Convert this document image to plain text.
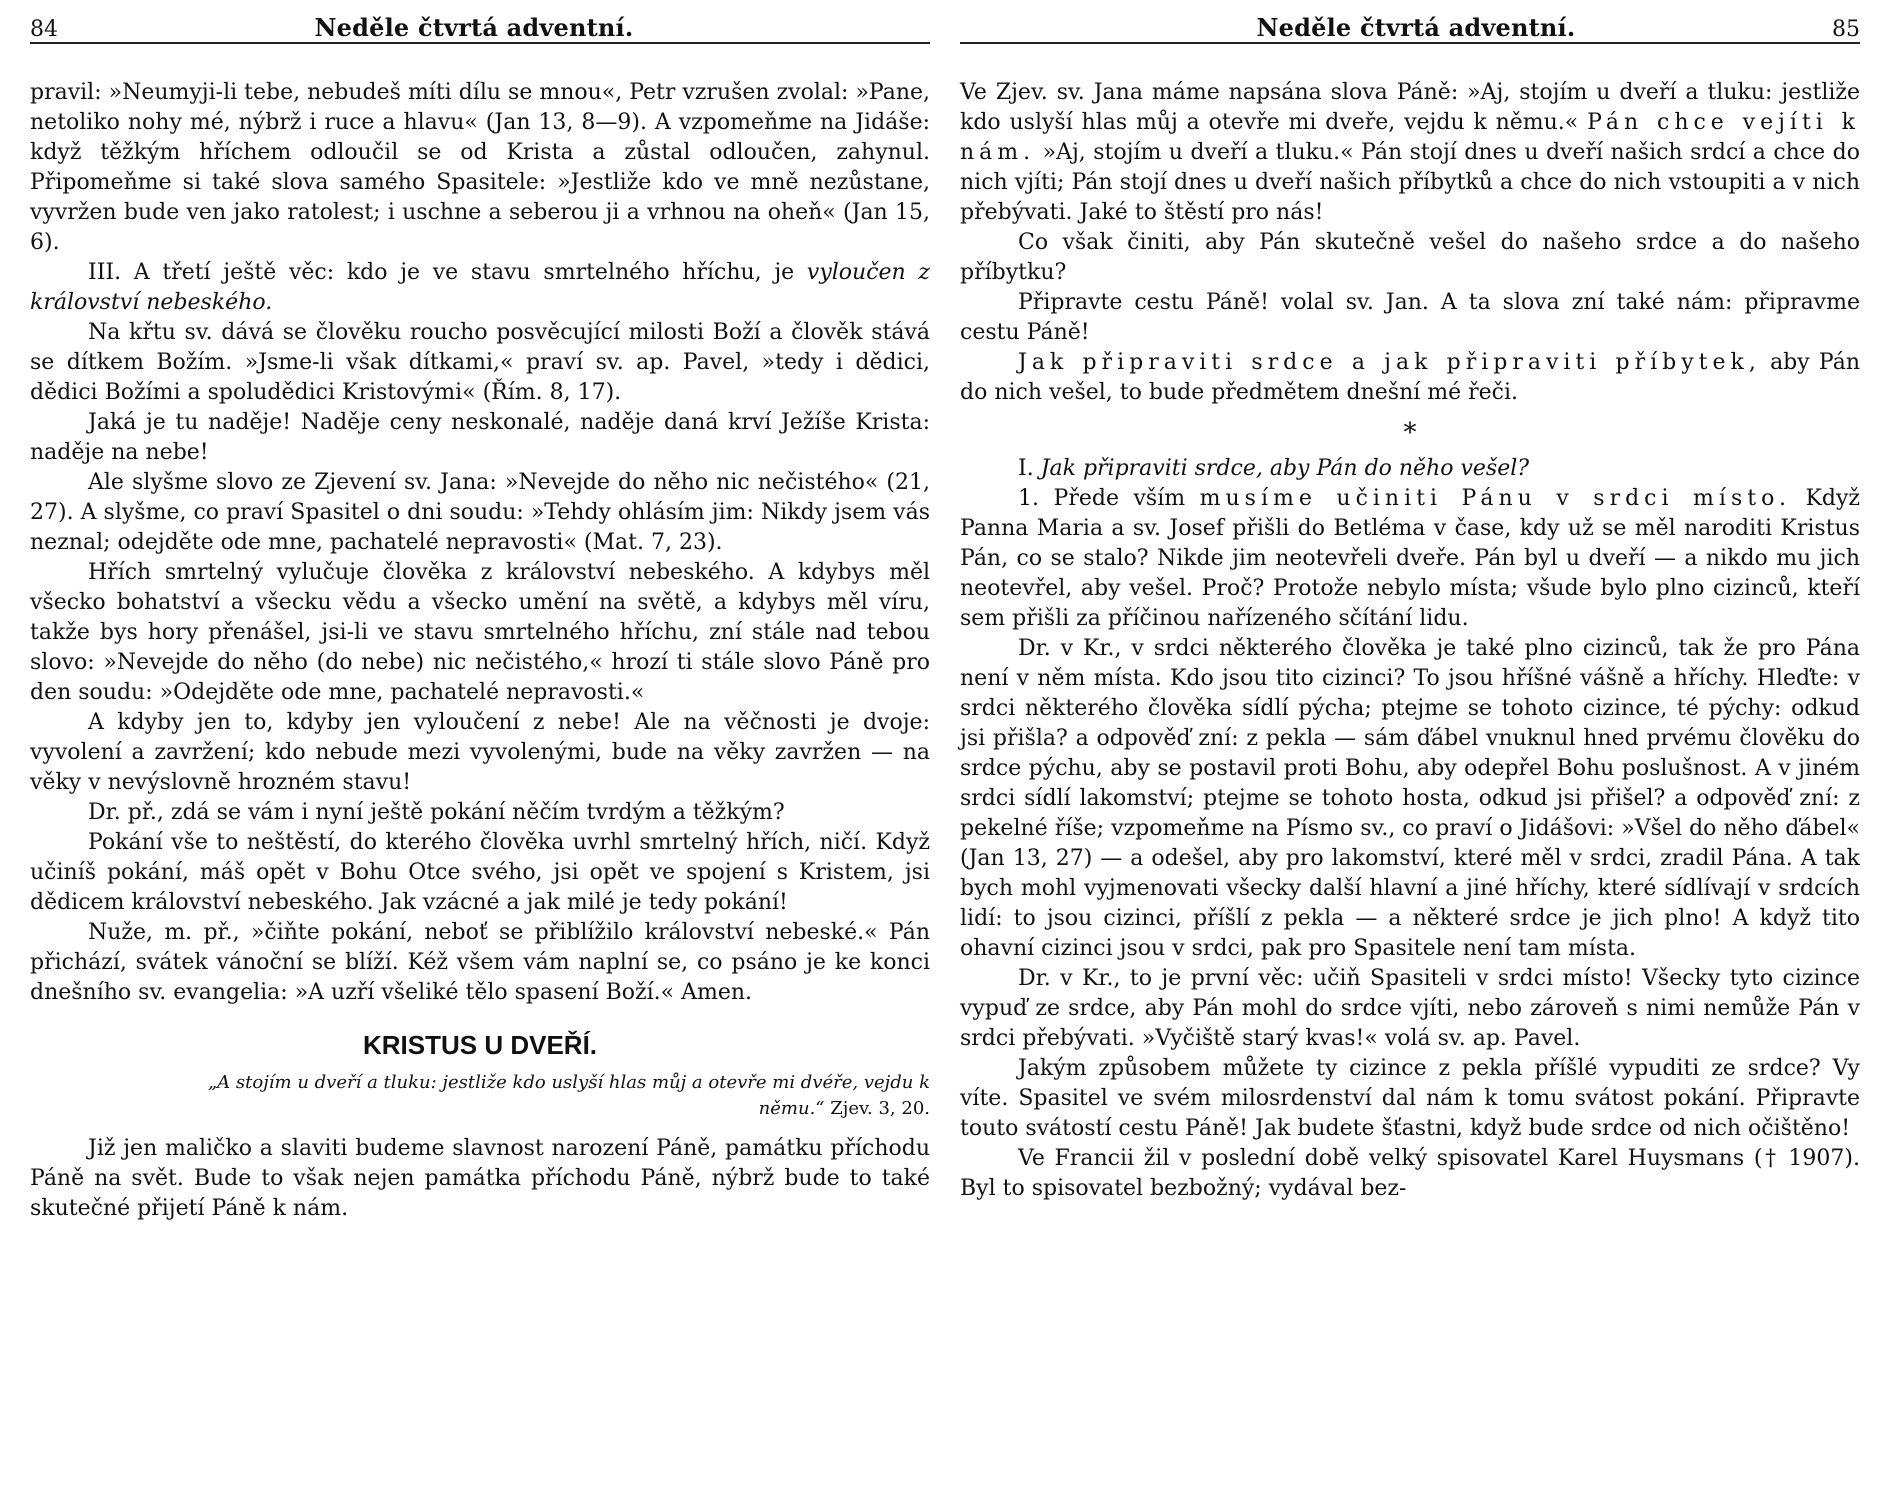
84	Neděle čtvrtá adventní.

pravil: »Neumyji-li tebe, nebudeš míti dílu se mnou«, Petr vzrušen zvolal: »Pane, netoliko nohy mé, nýbrž i ruce a hlavu« (Jan 13, 8—9). A vzpomeňme na Jidáše: když těžkým hříchem odloučil se od Krista a zůstal odloučen, zahynul. Připomeňme si také slova samého Spasitele: »Jestliže kdo ve mně nezůstane, vyvržen bude ven jako ratolest; i uschne a seberou ji a vrhnou na oheň« (Jan 15, 6).

III. A třetí ještě věc: kdo je ve stavu smrtelného hříchu, je vyloučen z království nebeského.

Na křtu sv. dává se člověku roucho posvěcující milosti Boží a člověk stává se dítkem Božím. »Jsme-li však dítkami,« praví sv. ap. Pavel, »tedy i dědici, dědici Božími a spoludědici Kristovými« (Řím. 8, 17).

Jaká je tu naděje! Naděje ceny neskonalé, naděje daná krví Ježíše Krista: naděje na nebe!

Ale slyšme slovo ze Zjevení sv. Jana: »Nevejde do něho nic nečistého« (21, 27). A slyšme, co praví Spasitel o dni soudu: »Tehdy ohlásím jim: Nikdy jsem vás neznal; odejděte ode mne, pachatelé nepravosti« (Mat. 7, 23).

Hřích smrtelný vylučuje člověka z království nebeského. A kdybys měl všecko bohatství a všecku vědu a všecko umění na světě, a kdybys měl víru, takže bys hory přenášel, jsi-li ve stavu smrtelného hříchu, zní stále nad tebou slovo: »Nevejde do něho (do nebe) nic nečistého,« hrozí ti stále slovo Páně pro den soudu: »Odejděte ode mne, pachatelé nepravosti.«

A kdyby jen to, kdyby jen vyloučení z nebe! Ale na věčnosti je dvoje: vyvolení a zavržení; kdo nebude mezi vyvolenými, bude na věky zavržen — na věky v nevýslovně hrozném stavu!

Dr. př., zdá se vám i nyní ještě pokání něčím tvrdým a těžkým?

Pokání vše to neštěstí, do kterého člověka uvrhl smrtelný hřích, ničí. Když učiníš pokání, máš opět v Bohu Otce svého, jsi opět ve spojení s Kristem, jsi dědicem království nebeského. Jak vzácné a jak milé je tedy pokání!

Nuže, m. př., »čiňte pokání, neboť se přiblížilo království nebeské.« Pán přichází, svátek vánoční se blíží. Kéž všem vám naplní se, co psáno je ke konci dnešního sv. evangelia: »A uzří všeliké tělo spasení Boží.« Amen.

KRISTUS U DVEŘÍ.
„A stojím u dveří a tluku: jestliže kdo uslyší hlas můj a otevře mi dvéře, vejdu k němu.“ Zjev. 3, 20.

Již jen maličko a slaviti budeme slavnost narození Páně, památku příchodu Páně na svět. Bude to však nejen památka příchodu Páně, nýbrž bude to také skutečné přijetí Páně k nám.

Neděle čtvrtá adventní.	85

Ve Zjev. sv. Jana máme napsána slova Páně: »Aj, stojím u dveří a tluku: jestliže kdo uslyší hlas můj a otevře mi dveře, vejdu k němu.« Pán chce vejíti k nám. »Aj, stojím u dveří a tluku.« Pán stojí dnes u dveří našich srdcí a chce do nich vjíti; Pán stojí dnes u dveří našich příbytků a chce do nich vstoupiti a v nich přebývati. Jaké to štěstí pro nás!

Co však činiti, aby Pán skutečně vešel do našeho srdce a do našeho příbytku?

Připravte cestu Páně! volal sv. Jan. A ta slova zní také nám: připravme cestu Páně!

Jak připraviti srdce a jak připraviti příbytek, aby Pán do nich vešel, to bude předmětem dnešní mé řeči.

*

I. Jak připraviti srdce, aby Pán do něho vešel?

1. Přede vším musíme učiniti Pánu v srdci místo. Když Panna Maria a sv. Josef přišli do Betléma v čase, kdy už se měl naroditi Kristus Pán, co se stalo? Nikde jim neotevřeli dveře. Pán byl u dveří — a nikdo mu jich neotevřel, aby vešel. Proč? Protože nebylo místa; všude bylo plno cizinců, kteří sem přišli za příčinou nařízeného sčítání lidu.

Dr. v Kr., v srdci některého člověka je také plno cizinců, tak že pro Pána není v něm místa. Kdo jsou tito cizinci? To jsou hříšné vášně a hříchy. Hleďte: v srdci některého člověka sídlí pýcha; ptejme se tohoto cizince, té pýchy: odkud jsi přišla? a odpověď zní: z pekla — sám ďábel vnuknul hned prvému člověku do srdce pýchu, aby se postavil proti Bohu, aby odepřel Bohu poslušnost. A v jiném srdci sídlí lakomství; ptejme se tohoto hosta, odkud jsi přišel? a odpověď zní: z pekelné říše; vzpomeňme na Písmo sv., co praví o Jidášovi: »Všel do něho ďábel« (Jan 13, 27) — a odešel, aby pro lakomství, které měl v srdci, zradil Pána. A tak bych mohl vyjmenovati všecky další hlavní a jiné hříchy, které sídlívají v srdcích lidí: to jsou cizinci, příšlí z pekla — a některé srdce je jich plno! A když tito ohavní cizinci jsou v srdci, pak pro Spasitele není tam místa.

Dr. v Kr., to je první věc: učiň Spasiteli v srdci místo! Všecky tyto cizince vypuď ze srdce, aby Pán mohl do srdce vjíti, nebo zároveň s nimi nemůže Pán v srdci přebývati. »Vyčiště starý kvas!« volá sv. ap. Pavel.

Jakým způsobem můžete ty cizince z pekla příšlé vypuditi ze srdce? Vy víte. Spasitel ve svém milosrdenství dal nám k tomu svátost pokání. Připravte touto svátostí cestu Páně! Jak budete šťastni, když bude srdce od nich očištěno!

Ve Francii žil v poslední době velký spisovatel Karel Huysmans († 1907). Byl to spisovatel bezbožný; vydával bez-
